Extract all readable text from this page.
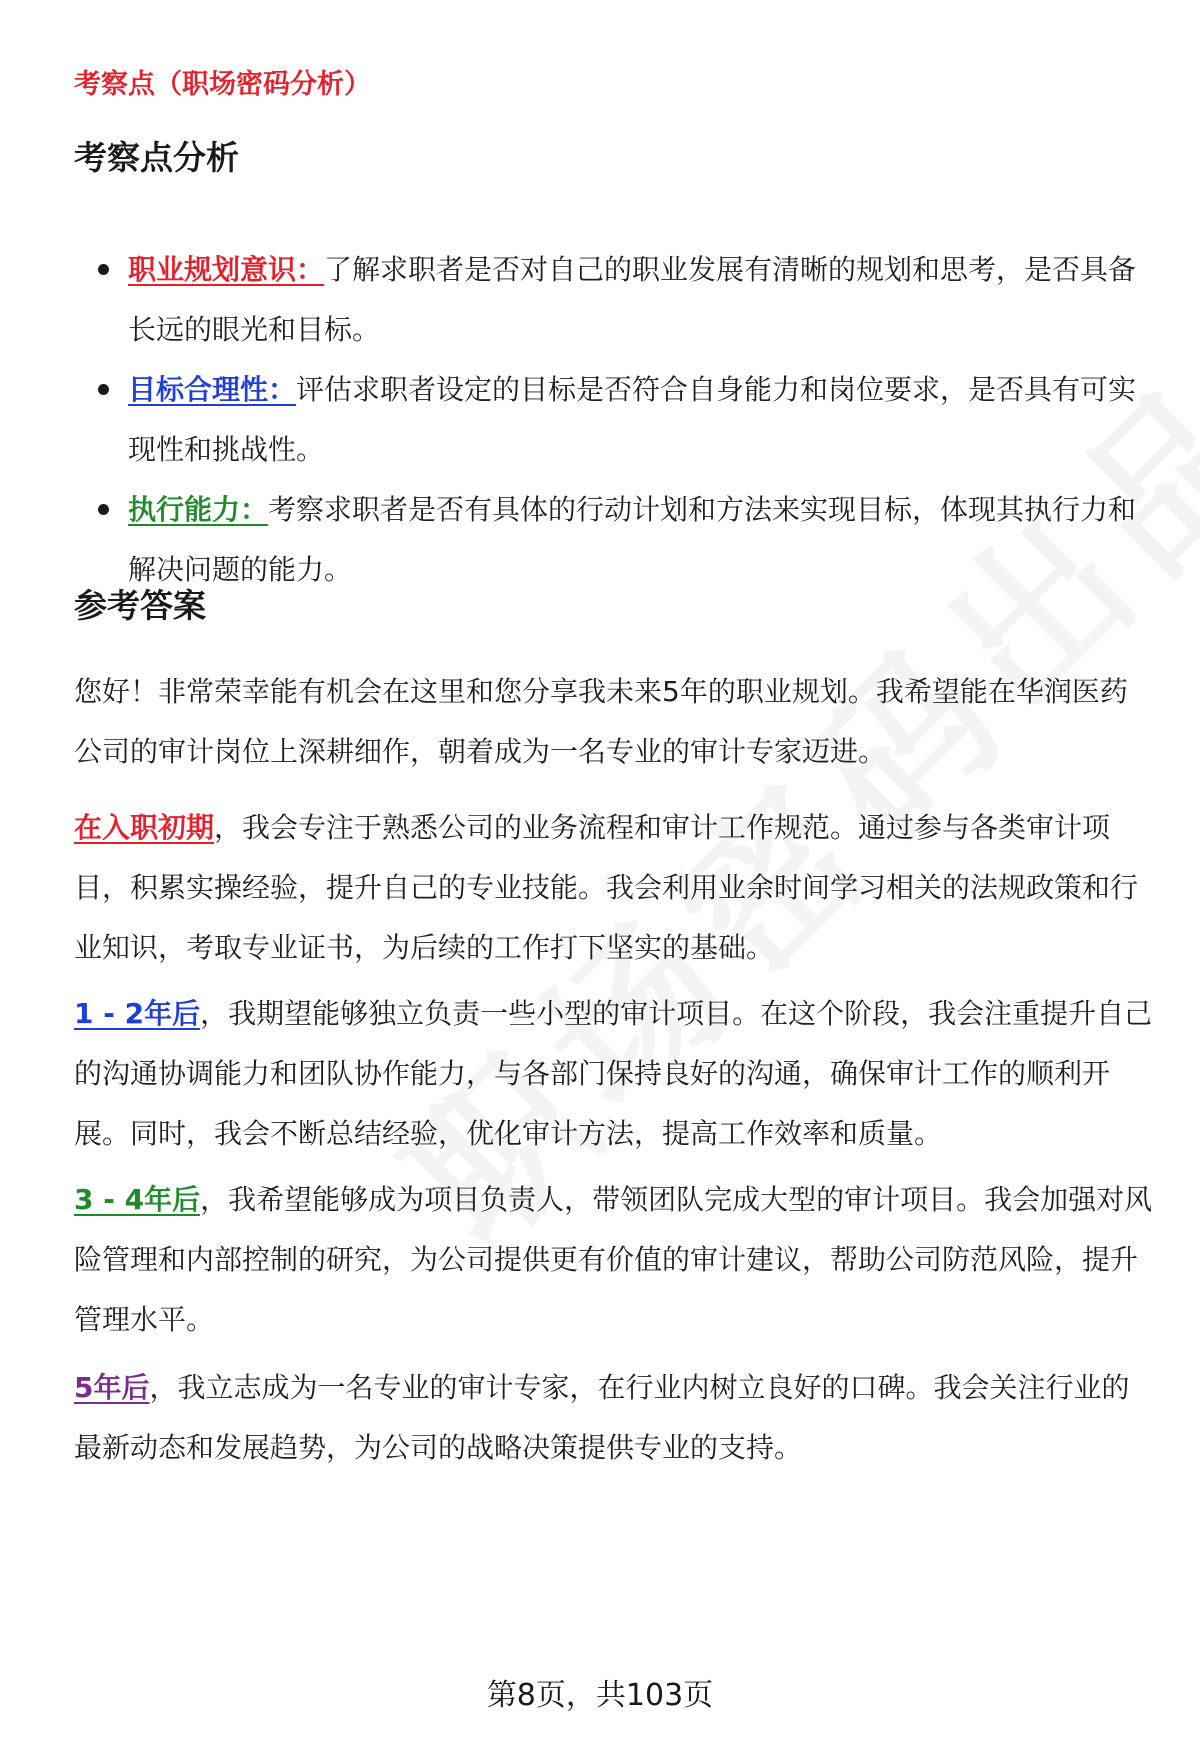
考察点（职场密码分析）
考察点分析
职业规划意识：了解求职者是否对自己的职业发展有清晰的规划和思考，是否具备长远的眼光和目标。
目标合理性：评估求职者设定的目标是否符合自身能力和岗位要求，是否具有可实现性和挑战性。
执行能力：考察求职者是否有具体的行动计划和方法来实现目标，体现其执行力和解决问题的能力。
参考答案

您好！非常荣幸能有机会在这里和您分享我未来5年的职业规划。我希望能在华润医药公司的审计岗位上深耕细作，朝着成为一名专业的审计专家迈进。

在入职初期，我会专注于熟悉公司的业务流程和审计工作规范。通过参与各类审计项目，积累实操经验，提升自己的专业技能。我会利用业余时间学习相关的法规政策和行业知识，考取专业证书，为后续的工作打下坚实的基础。

1 - 2年后，我期望能够独立负责一些小型的审计项目。在这个阶段，我会注重提升自己的沟通协调能力和团队协作能力，与各部门保持良好的沟通，确保审计工作的顺利开展。同时，我会不断总结经验，优化审计方法，提高工作效率和质量。

3 - 4年后，我希望能够成为项目负责人，带领团队完成大型的审计项目。我会加强对风险管理和内部控制的研究，为公司提供更有价值的审计建议，帮助公司防范风险，提升管理水平。

5年后，我立志成为一名专业的审计专家，在行业内树立良好的口碑。我会关注行业的最新动态和发展趋势，为公司的战略决策提供专业的支持。

第8页，共103页
